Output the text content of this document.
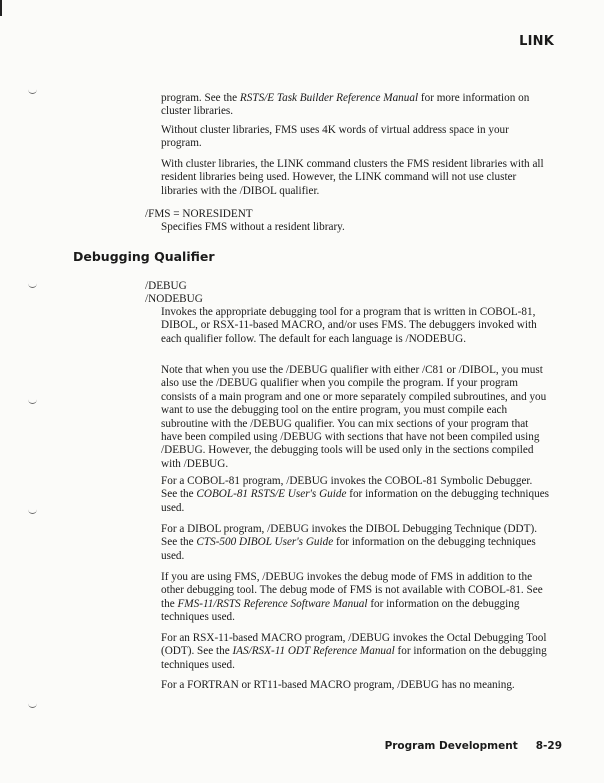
LINK
program. See the RSTS/E Task Builder Reference Manual for more information on cluster libraries.
Without cluster libraries, FMS uses 4K words of virtual address space in your program.
With cluster libraries, the LINK command clusters the FMS resident libraries with all resident libraries being used. However, the LINK command will not use cluster libraries with the /DIBOL qualifier.
/FMS = NORESIDENT
Specifies FMS without a resident library.
Debugging Qualifier
/DEBUG
/NODEBUG
Invokes the appropriate debugging tool for a program that is written in COBOL-81, DIBOL, or RSX-11-based MACRO, and/or uses FMS. The debuggers invoked with each qualifier follow. The default for each language is /NODEBUG.
Note that when you use the /DEBUG qualifier with either /C81 or /DIBOL, you must also use the /DEBUG qualifier when you compile the program. If your program consists of a main program and one or more separately compiled subroutines, and you want to use the debugging tool on the entire program, you must compile each subroutine with the /DEBUG qualifier. You can mix sections of your program that have been compiled using /DEBUG with sections that have not been compiled using /DEBUG. However, the debugging tools will be used only in the sections compiled with /DEBUG.
For a COBOL-81 program, /DEBUG invokes the COBOL-81 Symbolic Debugger. See the COBOL-81 RSTS/E User's Guide for information on the debugging techniques used.
For a DIBOL program, /DEBUG invokes the DIBOL Debugging Technique (DDT). See the CTS-500 DIBOL User's Guide for information on the debugging techniques used.
If you are using FMS, /DEBUG invokes the debug mode of FMS in addition to the other debugging tool. The debug mode of FMS is not available with COBOL-81. See the FMS-11/RSTS Reference Software Manual for information on the debugging techniques used.
For an RSX-11-based MACRO program, /DEBUG invokes the Octal Debugging Tool (ODT). See the IAS/RSX-11 ODT Reference Manual for information on the debugging techniques used.
For a FORTRAN or RT11-based MACRO program, /DEBUG has no meaning.
Program Development 8-29
